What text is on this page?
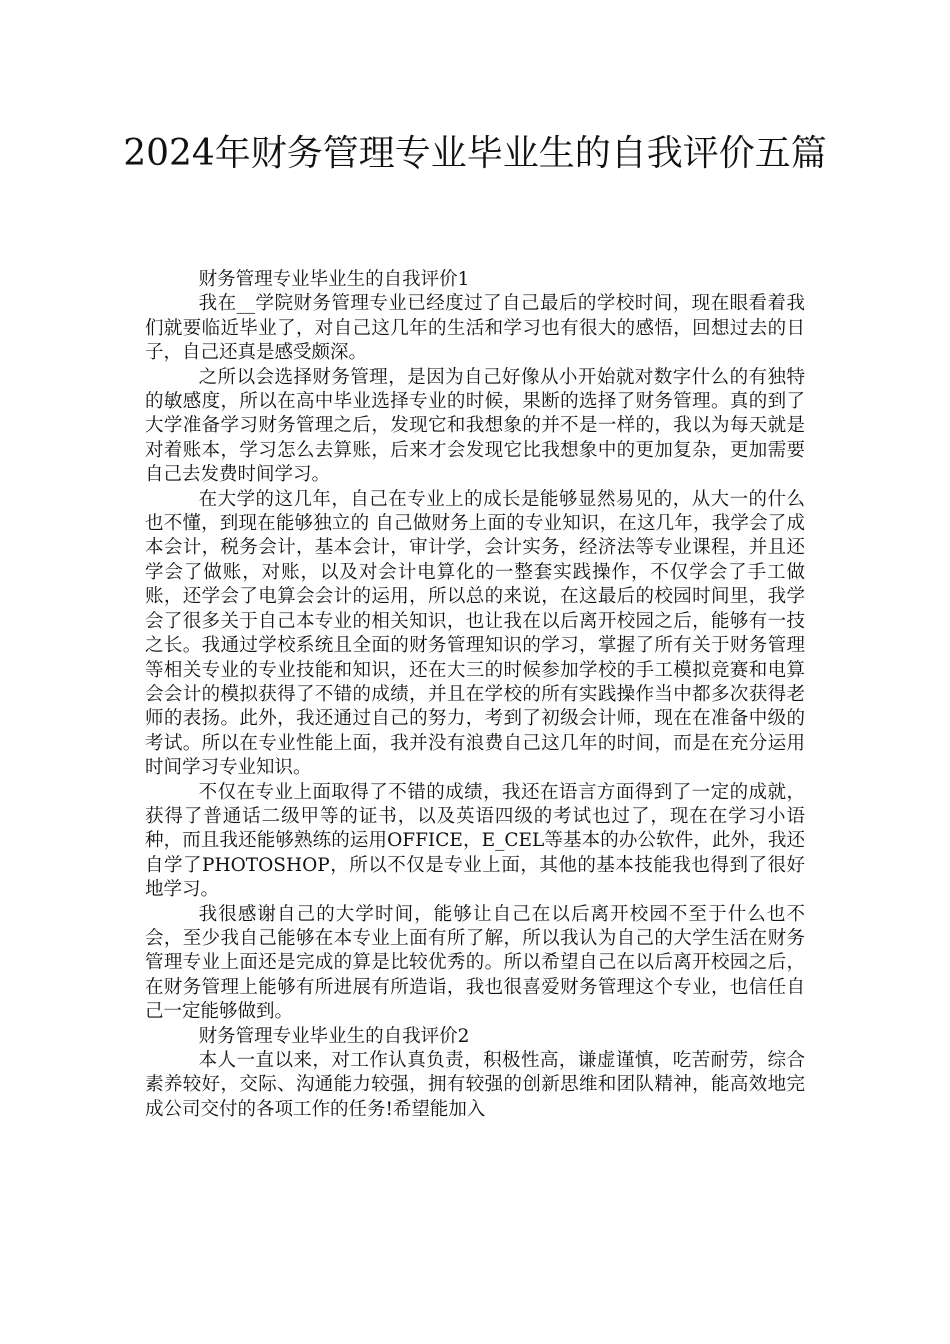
2024年财务管理专业毕业生的自我评价五篇
财务管理专业毕业生的自我评价1

我在__学院财务管理专业已经度过了自己最后的学校时间，现在眼看着我们就要临近毕业了，对自己这几年的生活和学习也有很大的感悟，回想过去的日子，自己还真是感受颇深。

之所以会选择财务管理，是因为自己好像从小开始就对数字什么的有独特的敏感度，所以在高中毕业选择专业的时候，果断的选择了财务管理。真的到了大学准备学习财务管理之后，发现它和我想象的并不是一样的，我以为每天就是对着账本，学习怎么去算账，后来才会发现它比我想象中的更加复杂，更加需要自己去发费时间学习。

在大学的这几年，自己在专业上的成长是能够显然易见的，从大一的什么也不懂，到现在能够独立的 自己做财务上面的专业知识，在这几年，我学会了成本会计，税务会计，基本会计，审计学，会计实务，经济法等专业课程，并且还学会了做账，对账，以及对会计电算化的一整套实践操作，不仅学会了手工做账，还学会了电算会会计的运用，所以总的来说，在这最后的校园时间里，我学会了很多关于自己本专业的相关知识，也让我在以后离开校园之后，能够有一技之长。我通过学校系统且全面的财务管理知识的学习，掌握了所有关于财务管理等相关专业的专业技能和知识，还在大三的时候参加学校的手工模拟竞赛和电算会会计的模拟获得了不错的成绩，并且在学校的所有实践操作当中都多次获得老师的表扬。此外，我还通过自己的努力，考到了初级会计师，现在在准备中级的考试。所以在专业性能上面，我并没有浪费自己这几年的时间，而是在充分运用时间学习专业知识。

不仅在专业上面取得了不错的成绩，我还在语言方面得到了一定的成就，获得了普通话二级甲等的证书，以及英语四级的考试也过了，现在在学习小语种，而且我还能够熟练的运用OFFICE，E_CEL等基本的办公软件，此外，我还自学了PHOTOSHOP，所以不仅是专业上面，其他的基本技能我也得到了很好地学习。

我很感谢自己的大学时间，能够让自己在以后离开校园不至于什么也不会，至少我自己能够在本专业上面有所了解，所以我认为自己的大学生活在财务管理专业上面还是完成的算是比较优秀的。所以希望自己在以后离开校园之后，在财务管理上能够有所进展有所造诣，我也很喜爱财务管理这个专业，也信任自己一定能够做到。

财务管理专业毕业生的自我评价2

本人一直以来，对工作认真负责，积极性高，谦虚谨慎，吃苦耐劳，综合素养较好，交际、沟通能力较强，拥有较强的创新思维和团队精神，能高效地完成公司交付的各项工作的任务!希望能加入
